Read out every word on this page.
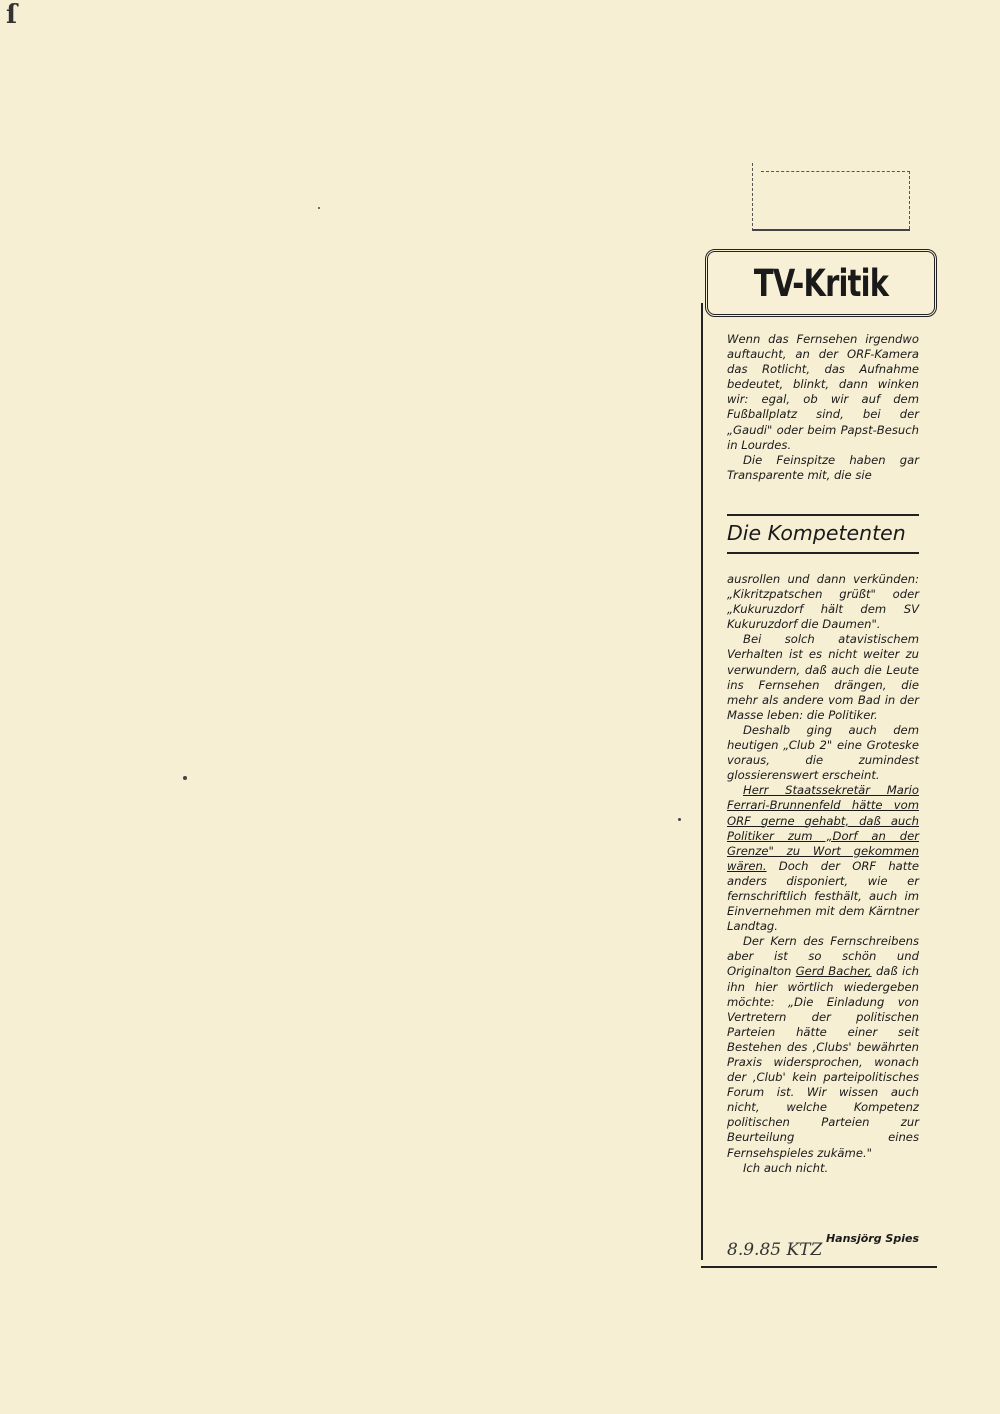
ſ
TV-Kritik

Wenn das Fernsehen irgendwo auftaucht, an der ORF-Kamera das Rotlicht, das Aufnahme bedeutet, blinkt, dann winken wir: egal, ob wir auf dem Fußballplatz sind, bei der „Gaudi" oder beim Papst-Besuch in Lourdes.

Die Feinspitze haben gar Transparente mit, die sie

Die Kompetenten

ausrollen und dann verkünden: „Kikritzpatschen grüßt" oder „Kukuruzdorf hält dem SV Kukuruzdorf die Daumen".

Bei solch atavistischem Verhalten ist es nicht weiter zu verwundern, daß auch die Leute ins Fernsehen drängen, die mehr als andere vom Bad in der Masse leben: die Politiker.

Deshalb ging auch dem heutigen „Club 2" eine Groteske voraus, die zumindest glossierenswert erscheint.

Herr Staatssekretär Mario Ferrari-Brunnenfeld hätte vom ORF gerne gehabt, daß auch Politiker zum „Dorf an der Grenze" zu Wort gekommen wären. Doch der ORF hatte anders disponiert, wie er fernschriftlich festhält, auch im Einvernehmen mit dem Kärntner Landtag.

Der Kern des Fernschreibens aber ist so schön und Originalton Gerd Bacher, daß ich ihn hier wörtlich wiedergeben möchte: „Die Einladung von Vertretern der politischen Parteien hätte einer seit Bestehen des ,Clubs' bewährten Praxis widersprochen, wonach der ,Club' kein parteipolitisches Forum ist. Wir wissen auch nicht, welche Kompetenz politischen Parteien zur Beurteilung eines Fernsehspieles zukäme."

Ich auch nicht.

Hansjörg Spies
8.9.85 KTZ
